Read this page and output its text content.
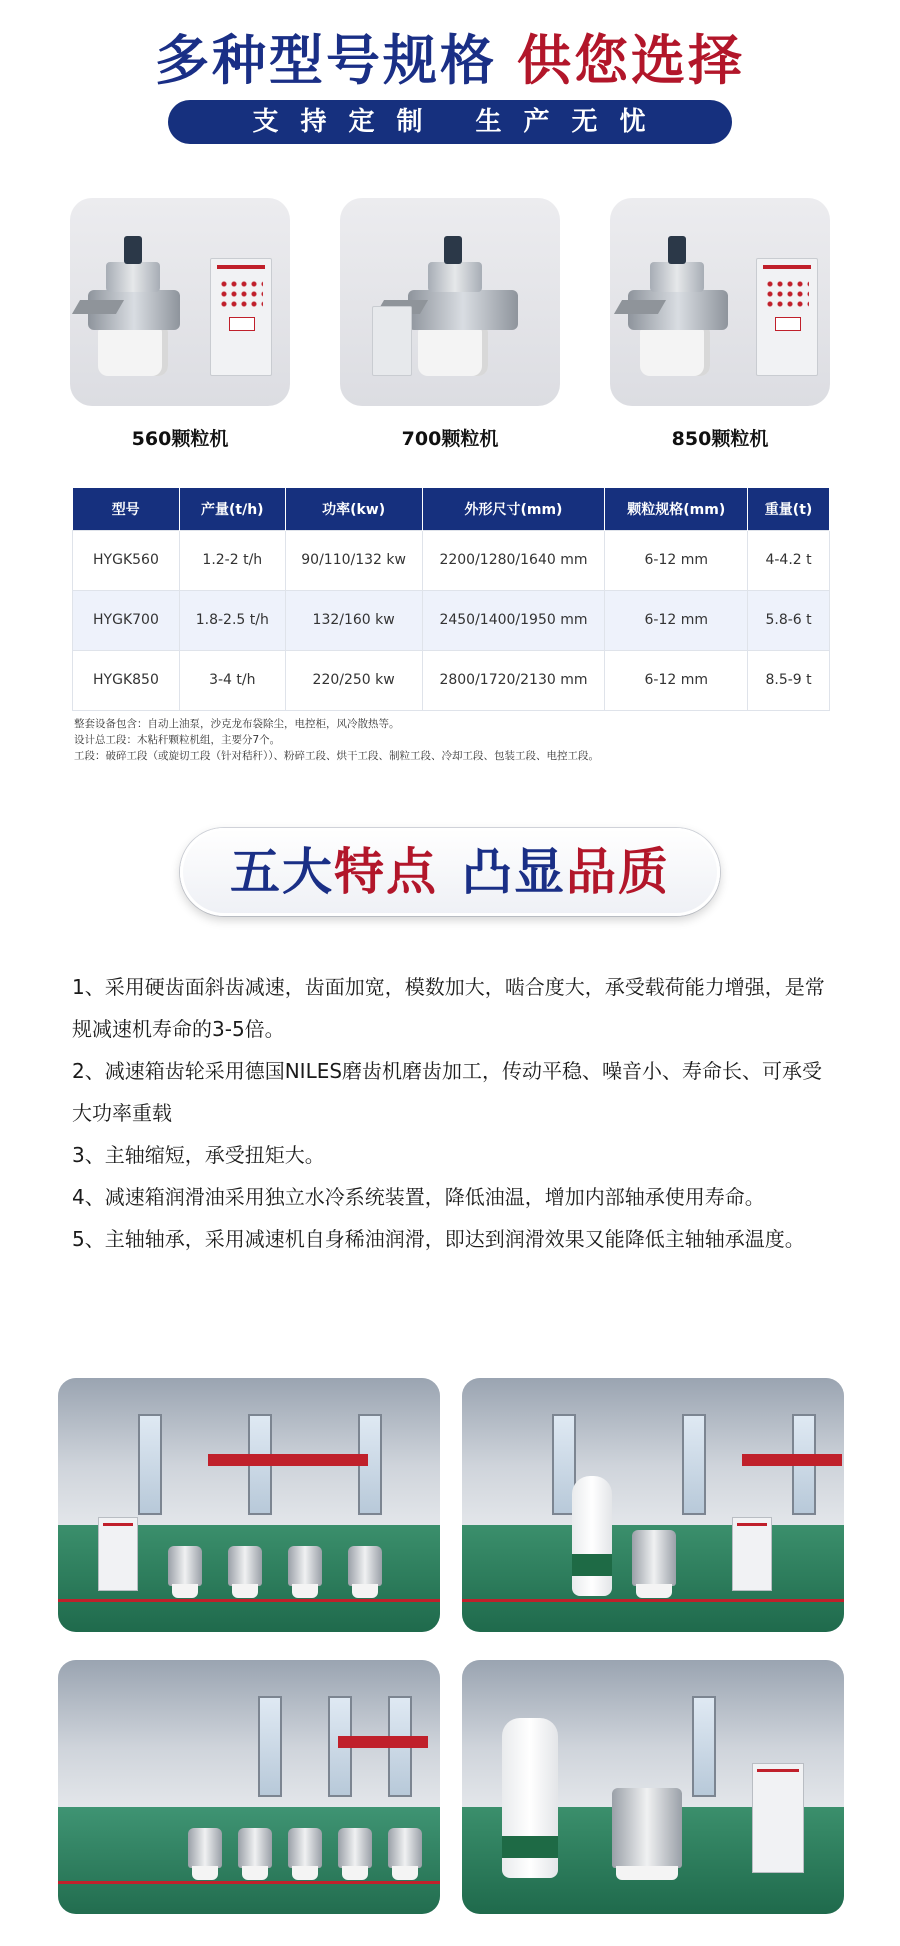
多种型号规格 供您选择
支持定制 生产无忧
560颗粒机	700颗粒机	850颗粒机
型号	产量(t/h)	功率(kw)	外形尺寸(mm)	颗粒规格(mm)	重量(t)
HYGK560	1.2-2 t/h	90/110/132 kw	2200/1280/1640 mm	6-12 mm	4-4.2 t
HYGK700	1.8-2.5 t/h	132/160 kw	2450/1400/1950 mm	6-12 mm	5.8-6 t
HYGK850	3-4 t/h	220/250 kw	2800/1720/2130 mm	6-12 mm	8.5-9 t
整套设备包含：自动上油泵，沙克龙布袋除尘，电控柜，风冷散热等。
设计总工段：木粘秆颗粒机组，主要分7个。
工段：破碎工段（或旋切工段（针对秸秆））、粉碎工段、烘干工段、制粒工段、冷却工段、包装工段、电控工段。
五大特点 凸显品质

1、采用硬齿面斜齿减速，齿面加宽，模数加大，啮合度大，承受载荷能力增强，是常规减速机寿命的3-5倍。

2、减速箱齿轮采用德国NILES磨齿机磨齿加工，传动平稳、噪音小、寿命长、可承受大功率重载

3、主轴缩短，承受扭矩大。

4、减速箱润滑油采用独立水冷系统装置，降低油温，增加内部轴承使用寿命。

5、主轴轴承，采用减速机自身稀油润滑，即达到润滑效果又能降低主轴轴承温度。
